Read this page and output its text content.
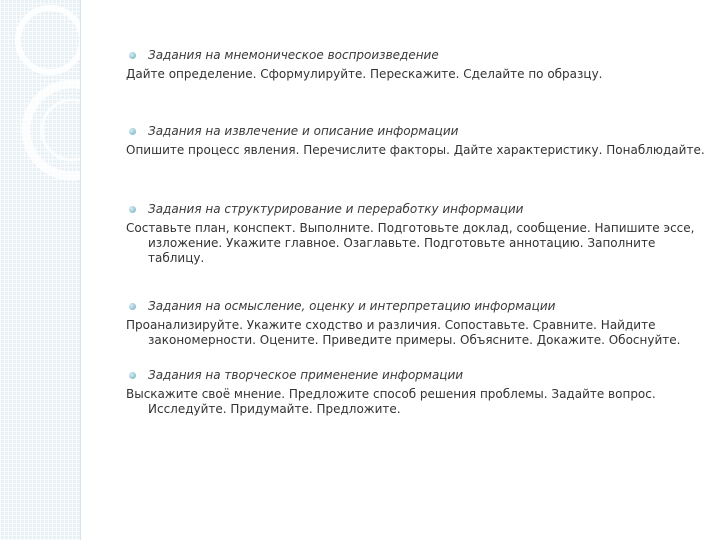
Задания на мнемоническое воспроизведение
Дайте определение. Сформулируйте. Перескажите. Сделайте по образцу.
Задания на извлечение и описание информации
Опишите процесс явления. Перечислите факторы. Дайте характеристику. Понаблюдайте.
Задания на структурирование и переработку информации
Составьте план, конспект. Выполните. Подготовьте доклад, сообщение. Напишите эссе, изложение. Укажите главное. Озаглавьте. Подготовьте аннотацию. Заполните таблицу.
Задания на осмысление, оценку и интерпретацию информации
Проанализируйте. Укажите сходство и различия. Сопоставьте. Сравните. Найдите закономерности. Оцените. Приведите примеры. Объясните. Докажите. Обоснуйте.
Задания на творческое применение информации
Выскажите своё мнение. Предложите способ решения проблемы. Задайте вопрос. Исследуйте. Придумайте. Предложите.
